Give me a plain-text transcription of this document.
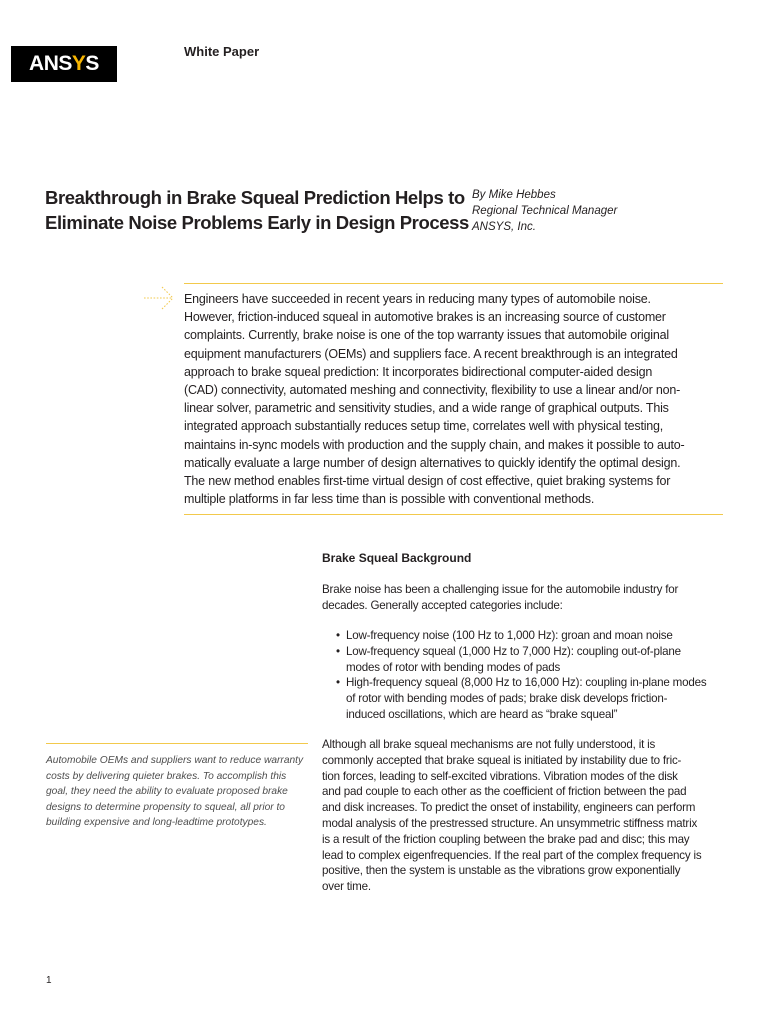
ANSYS
White Paper
Breakthrough in Brake Squeal Prediction Helps to
Eliminate Noise Problems Early in Design Process
By Mike Hebbes
Regional Technical Manager
ANSYS, Inc.

Engineers have succeeded in recent years in reducing many types of automobile noise.
However, friction-induced squeal in automotive brakes is an increasing source of customer
complaints. Currently, brake noise is one of the top warranty issues that automobile original
equipment manufacturers (OEMs) and suppliers face. A recent breakthrough is an integrated
approach to brake squeal prediction: It incorporates bidirectional computer-aided design
(CAD) connectivity, automated meshing and connectivity, flexibility to use a linear and/or non-
linear solver, parametric and sensitivity studies, and a wide range of graphical outputs. This
integrated approach substantially reduces setup time, correlates well with physical testing,
maintains in-sync models with production and the supply chain, and makes it possible to auto-
matically evaluate a large number of design alternatives to quickly identify the optimal design.
The new method enables first-time virtual design of cost effective, quiet braking systems for
multiple platforms in far less time than is possible with conventional methods.

Brake Squeal Background

Brake noise has been a challenging issue for the automobile industry for
decades. Generally accepted categories include:

• Low-frequency noise (100 Hz to 1,000 Hz): groan and moan noise
• Low-frequency squeal (1,000 Hz to 7,000 Hz): coupling out-of-plane
modes of rotor with bending modes of pads
• High-frequency squeal (8,000 Hz to 16,000 Hz): coupling in-plane modes
of rotor with bending modes of pads; brake disk develops friction-
induced oscillations, which are heard as “brake squeal”

Although all brake squeal mechanisms are not fully understood, it is
commonly accepted that brake squeal is initiated by instability due to fric-
tion forces, leading to self-excited vibrations. Vibration modes of the disk
and pad couple to each other as the coefficient of friction between the pad
and disk increases. To predict the onset of instability, engineers can perform
modal analysis of the prestressed structure. An unsymmetric stiffness matrix
is a result of the friction coupling between the brake pad and disc; this may
lead to complex eigenfrequencies. If the real part of the complex frequency is
positive, then the system is unstable as the vibrations grow exponentially
over time.

Automobile OEMs and suppliers want to reduce warranty
costs by delivering quieter brakes. To accomplish this
goal, they need the ability to evaluate proposed brake
designs to determine propensity to squeal, all prior to
building expensive and long-leadtime prototypes.

1
